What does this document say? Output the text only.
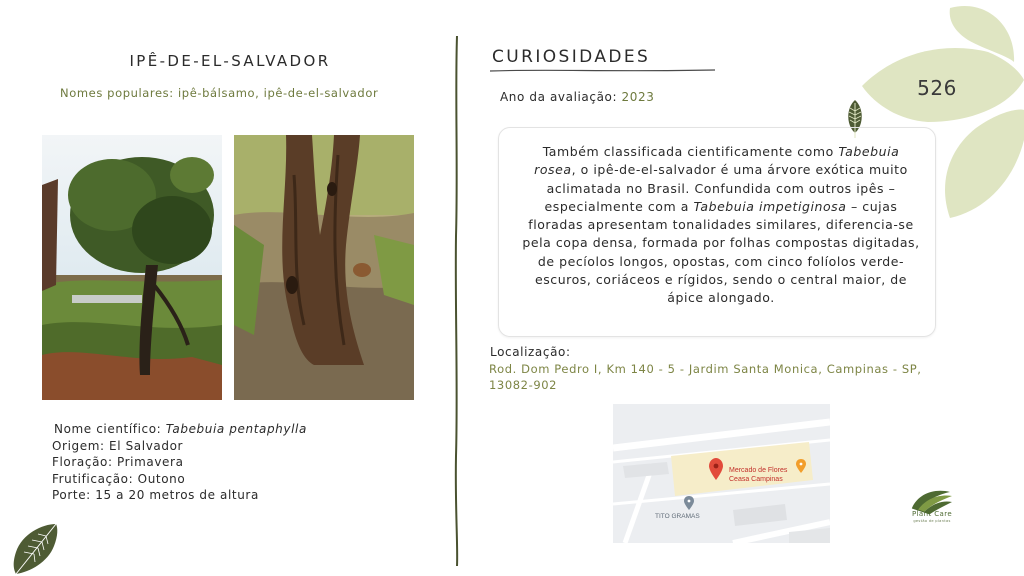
IPÊ-DE-EL-SALVADOR
Nomes populares: ipê-bálsamo, ipê-de-el-salvador
Nome científico: Tabebuia pentaphylla
Origem: El Salvador
Floração: Primavera
Frutificação: Outono
Porte: 15 a 20 metros de altura
CURIOSIDADES
Ano da avaliação: 2023
Também classificada cientificamente como Tabebuia rosea, o ipê-de-el-salvador é uma árvore exótica muito aclimatada no Brasil. Confundida com outros ipês – especialmente com a Tabebuia impetiginosa – cujas floradas apresentam tonalidades similares, diferencia-se pela copa densa, formada por folhas compostas digitadas, de pecíolos longos, opostas, com cinco folíolos verde-escuros, coriáceos e rígidos, sendo o central maior, de ápice alongado.
Localização:
Rod. Dom Pedro I, Km 140 - 5 - Jardim Santa Monica, Campinas - SP, 13082-902
Mercado de Flores
Ceasa Campinas
TITO GRAMAS
526
Plant Care
gestão de plantas
